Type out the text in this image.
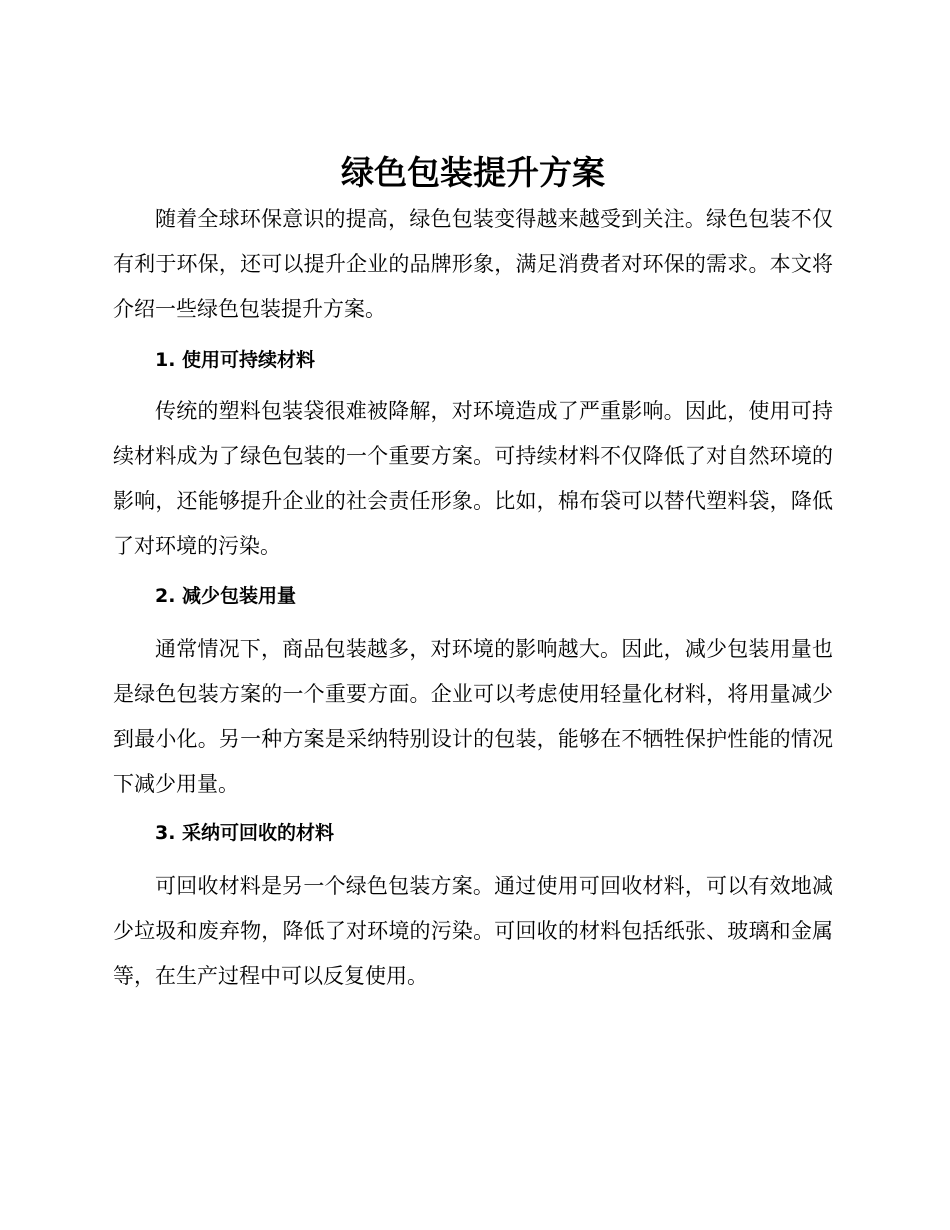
绿色包装提升方案

随着全球环保意识的提高，绿色包装变得越来越受到关注。绿色包装不仅有利于环保，还可以提升企业的品牌形象，满足消费者对环保的需求。本文将介绍一些绿色包装提升方案。

1. 使用可持续材料

传统的塑料包装袋很难被降解，对环境造成了严重影响。因此，使用可持续材料成为了绿色包装的一个重要方案。可持续材料不仅降低了对自然环境的影响，还能够提升企业的社会责任形象。比如，棉布袋可以替代塑料袋，降低了对环境的污染。

2. 减少包装用量

通常情况下，商品包装越多，对环境的影响越大。因此，减少包装用量也是绿色包装方案的一个重要方面。企业可以考虑使用轻量化材料，将用量减少到最小化。另一种方案是采纳特别设计的包装，能够在不牺牲保护性能的情况下减少用量。

3. 采纳可回收的材料

可回收材料是另一个绿色包装方案。通过使用可回收材料，可以有效地减少垃圾和废弃物，降低了对环境的污染。可回收的材料包括纸张、玻璃和金属等，在生产过程中可以反复使用。
